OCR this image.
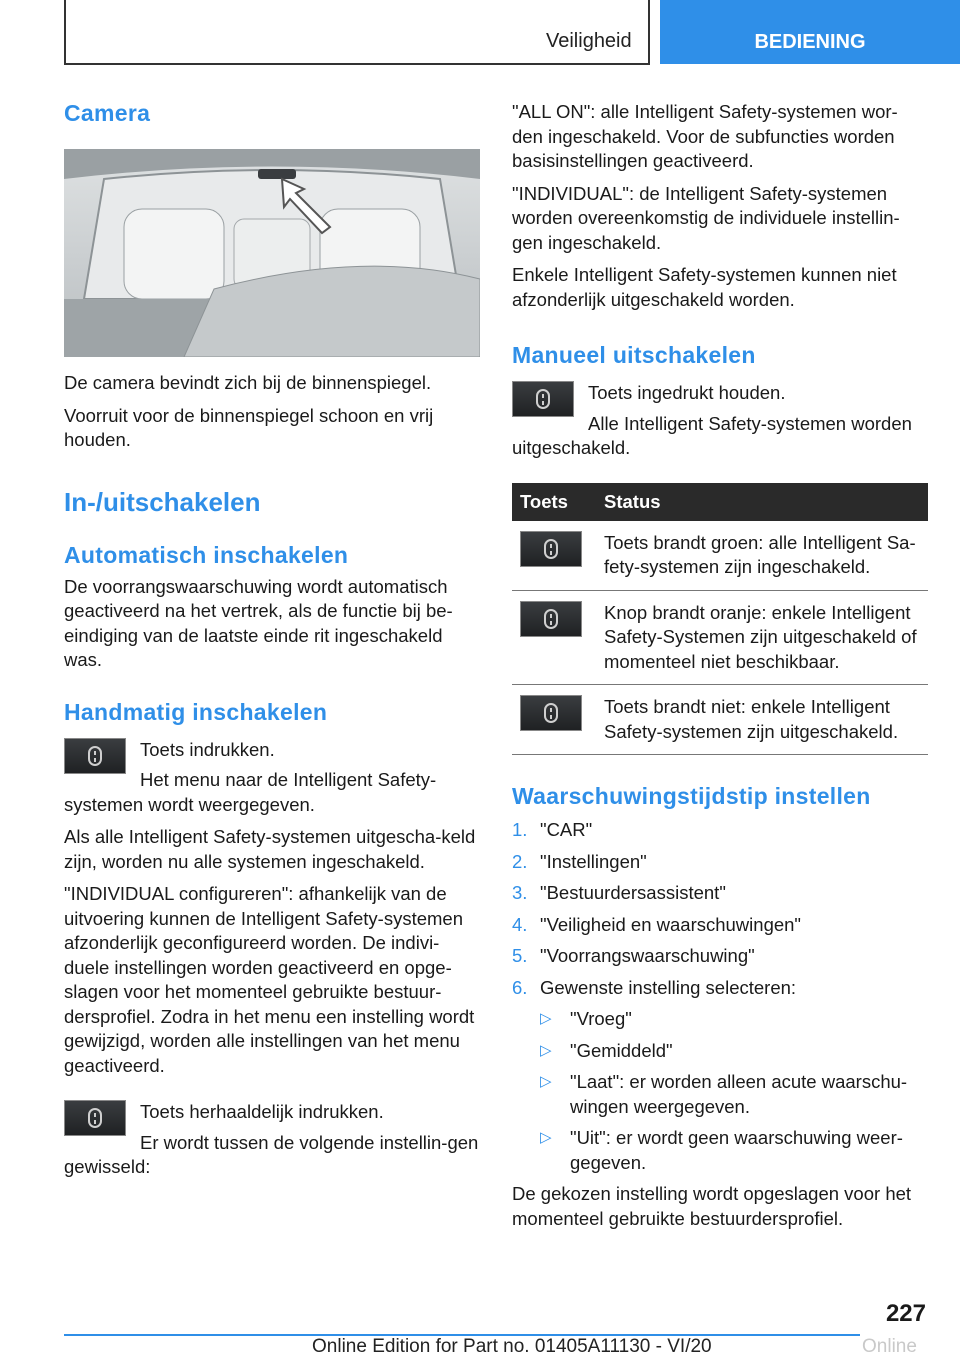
Veiligheid	BEDIENING
Camera

De camera bevindt zich bij de binnenspiegel.

Voorruit voor de binnenspiegel schoon en vrij houden.

In-/uitschakelen
Automatisch inschakelen

De voorrangswaarschuwing wordt automatisch geactiveerd na het vertrek, als de functie bij be-eindiging van de laatste einde rit ingeschakeld was.

Handmatig inschakelen

Toets indrukken.

Het menu naar de Intelligent Safety-systemen wordt weergegeven.

Als alle Intelligent Safety-systemen uitgescha-keld zijn, worden nu alle systemen ingeschakeld.

"INDIVIDUAL configureren": afhankelijk van de uitvoering kunnen de Intelligent Safety-systemen afzonderlijk geconfigureerd worden. De indivi-duele instellingen worden geactiveerd en opge-slagen voor het momenteel gebruikte bestuur-dersprofiel. Zodra in het menu een instelling wordt gewijzigd, worden alle instellingen van het menu geactiveerd.

Toets herhaaldelijk indrukken.

Er wordt tussen de volgende instellin-gen gewisseld:

"ALL ON": alle Intelligent Safety-systemen wor-den ingeschakeld. Voor de subfuncties worden basisinstellingen geactiveerd.

"INDIVIDUAL": de Intelligent Safety-systemen worden overeenkomstig de individuele instellin-gen ingeschakeld.

Enkele Intelligent Safety-systemen kunnen niet afzonderlijk uitgeschakeld worden.

Manueel uitschakelen

Toets ingedrukt houden.

Alle Intelligent Safety-systemen worden uitgeschakeld.

Toets	Status

	Toets brandt groen: alle Intelligent Sa-fety-systemen zijn ingeschakeld.

	Knop brandt oranje: enkele Intelligent Safety-Systemen zijn uitgeschakeld of momenteel niet beschikbaar.

	Toets brandt niet: enkele Intelligent Safety-systemen zijn uitgeschakeld.

Waarschuwingstijdstip instellen
1. "CAR"
2. "Instellingen"
3. "Bestuurdersassistent"
4. "Veiligheid en waarschuwingen"
5. "Voorrangswaarschuwing"
6. Gewenste instelling selecteren:
▷ "Vroeg"
▷ "Gemiddeld"
▷ "Laat": er worden alleen acute waarschu-wingen weergegeven.
▷ "Uit": er wordt geen waarschuwing weer-gegeven.

De gekozen instelling wordt opgeslagen voor het momenteel gebruikte bestuurdersprofiel.

227
Online Edition for Part no. 01405A11130 - VI/20	Online
